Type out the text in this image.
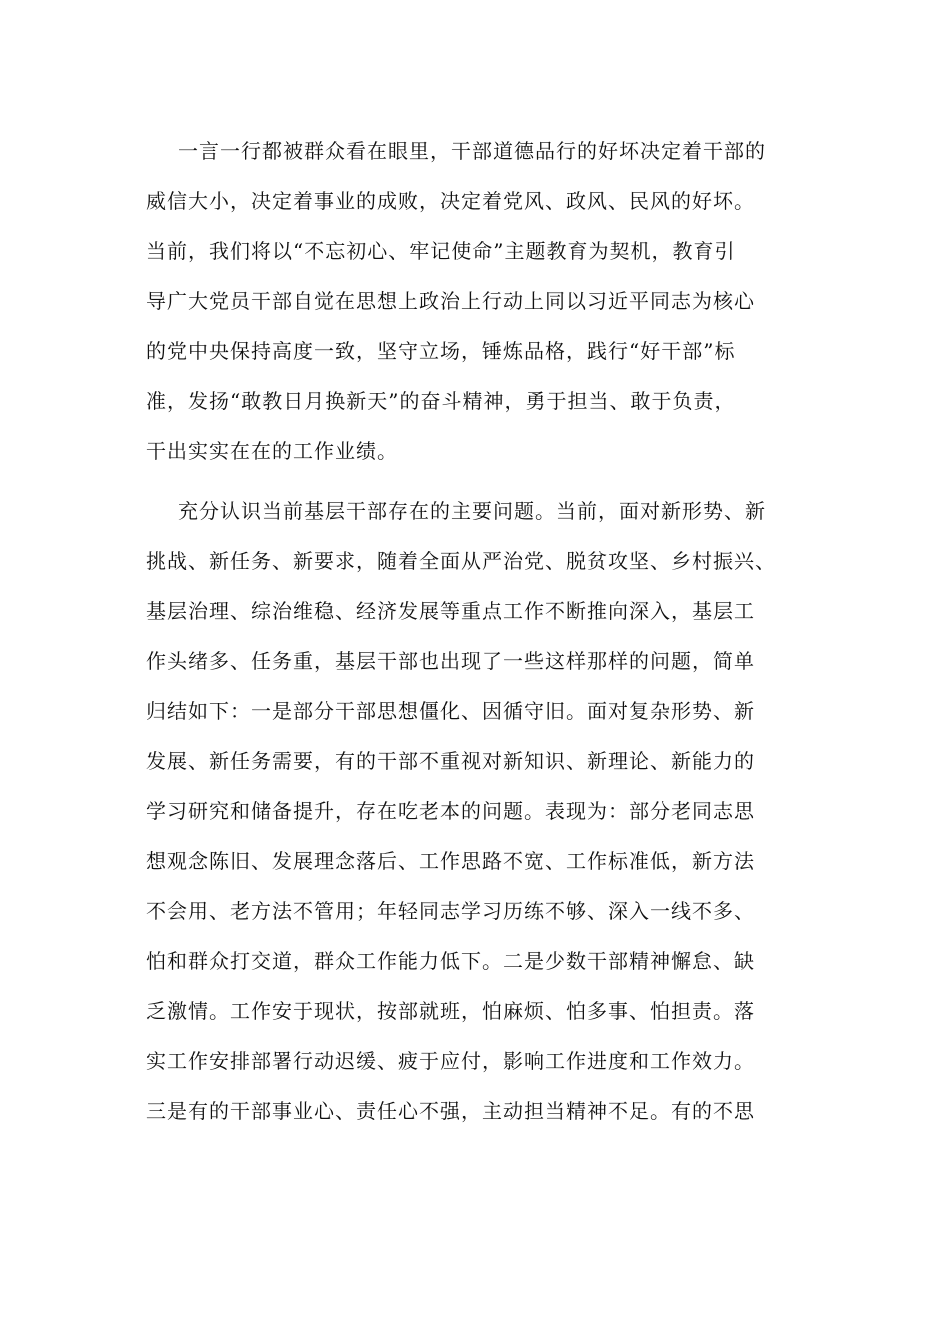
一言一行都被群众看在眼里，干部道德品行的好坏决定着干部的
威信大小，决定着事业的成败，决定着党风、政风、民风的好坏。
当前，我们将以“不忘初心、牢记使命”主题教育为契机，教育引
导广大党员干部自觉在思想上政治上行动上同以习近平同志为核心
的党中央保持高度一致，坚守立场，锤炼品格，践行“好干部”标
准，发扬“敢教日月换新天”的奋斗精神，勇于担当、敢于负责，
干出实实在在的工作业绩。
充分认识当前基层干部存在的主要问题。当前，面对新形势、新
挑战、新任务、新要求，随着全面从严治党、脱贫攻坚、乡村振兴、
基层治理、综治维稳、经济发展等重点工作不断推向深入，基层工
作头绪多、任务重，基层干部也出现了一些这样那样的问题，简单
归结如下：一是部分干部思想僵化、因循守旧。面对复杂形势、新
发展、新任务需要，有的干部不重视对新知识、新理论、新能力的
学习研究和储备提升，存在吃老本的问题。表现为：部分老同志思
想观念陈旧、发展理念落后、工作思路不宽、工作标准低，新方法
不会用、老方法不管用；年轻同志学习历练不够、深入一线不多、
怕和群众打交道，群众工作能力低下。二是少数干部精神懈怠、缺
乏激情。工作安于现状，按部就班，怕麻烦、怕多事、怕担责。落
实工作安排部署行动迟缓、疲于应付，影响工作进度和工作效力。
三是有的干部事业心、责任心不强，主动担当精神不足。有的不思
